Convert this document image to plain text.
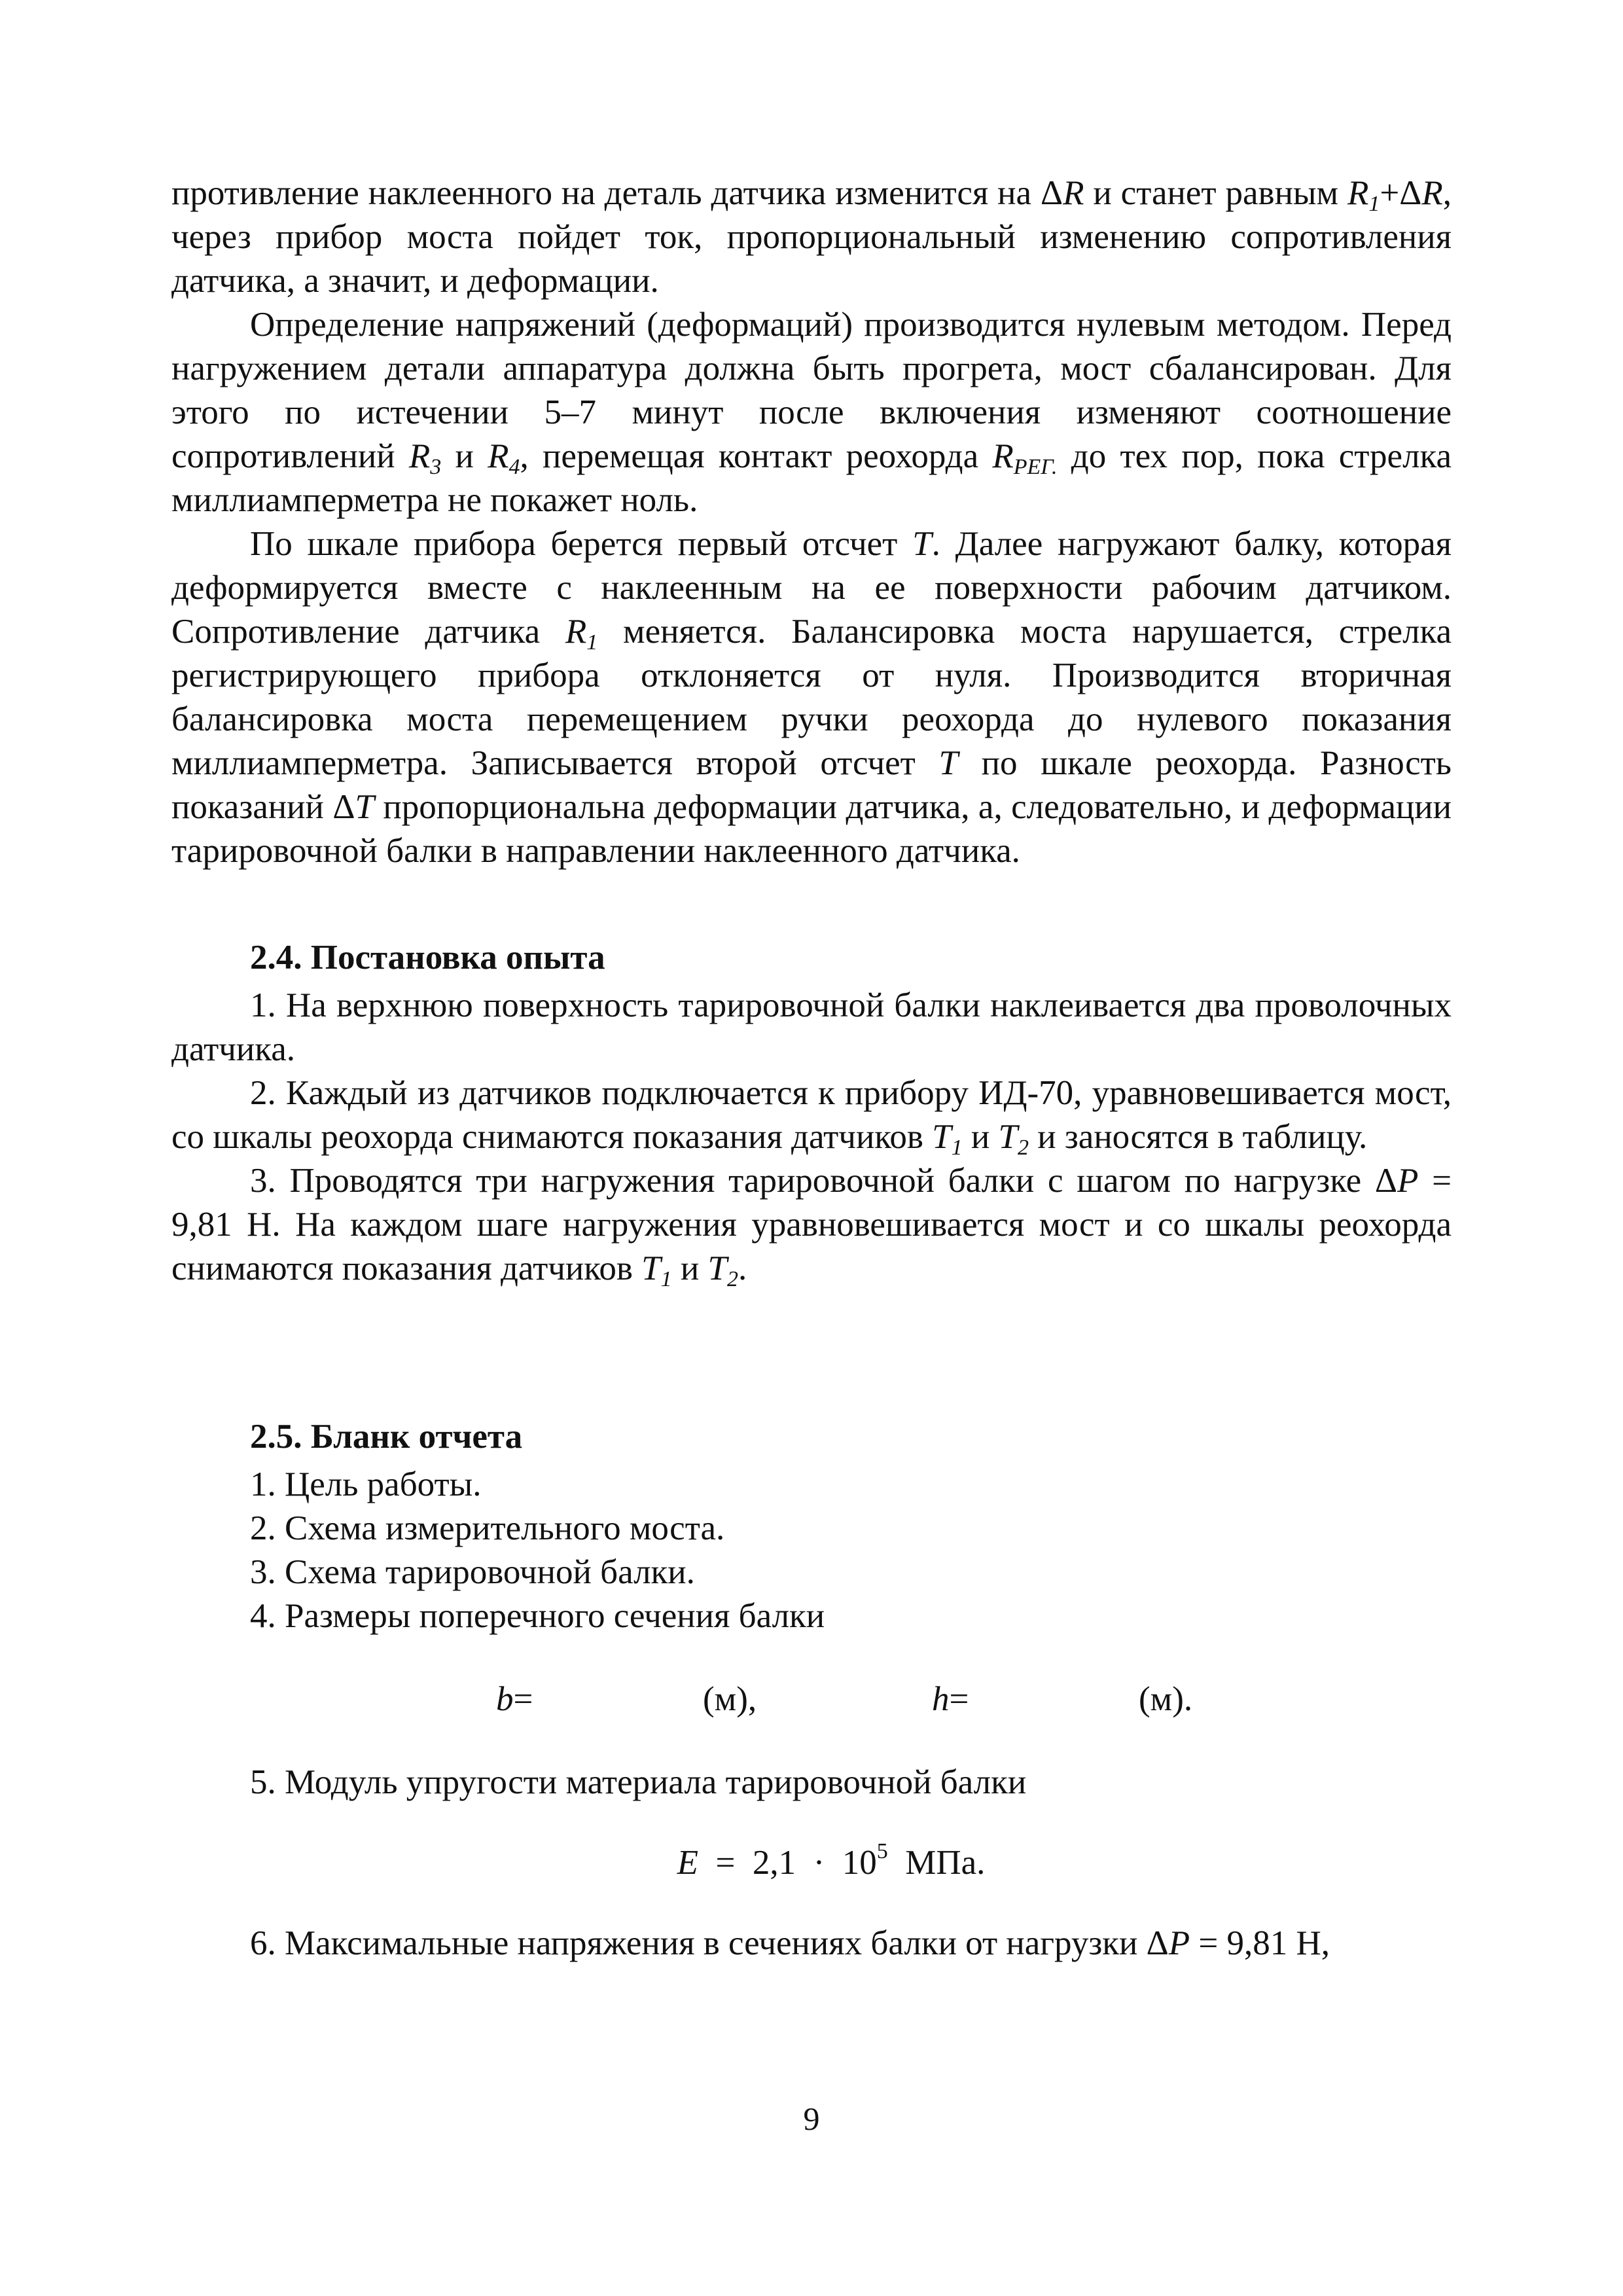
противление наклеенного на деталь датчика изменится на ΔR и станет равным $R_1+\Delta R$, через прибор моста пойдет ток, пропорциональный изменению сопротивления датчика, а значит, и деформации.

Определение напряжений (деформаций) производится нулевым методом. Перед нагружением детали аппаратура должна быть прогрета, мост сбалансирован. Для этого по истечении 5–7 минут после включения изменяют соотношение сопротивлений $R_3$ и $R_4$, перемещая контакт реохорда $R_{РЕГ.}$ до тех пор, пока стрелка миллиамперметра не покажет ноль.

По шкале прибора берется первый отсчет T. Далее нагружают балку, которая деформируется вместе с наклеенным на ее поверхности рабочим датчиком. Сопротивление датчика $R_1$ меняется. Балансировка моста нарушается, стрелка регистрирующего прибора отклоняется от нуля. Производится вторичная балансировка моста перемещением ручки реохорда до нулевого показания миллиамперметра. Записывается второй отсчет T по шкале реохорда. Разность показаний ΔT пропорциональна деформации датчика, а, следовательно, и деформации тарировочной балки в направлении наклеенного датчика.

2.4. Постановка опыта

1. На верхнюю поверхность тарировочной балки наклеивается два проволочных датчика.

2. Каждый из датчиков подключается к прибору ИД-70, уравновешивается мост, со шкалы реохорда снимаются показания датчиков $T_1$ и $T_2$ и заносятся в таблицу.

3. Проводятся три нагружения тарировочной балки с шагом по нагрузке ΔP = 9,81 Н. На каждом шаге нагружения уравновешивается мост и со шкалы реохорда снимаются показания датчиков $T_1$ и $T_2$.

2.5. Бланк отчета

1. Цель работы.

2. Схема измерительного моста.

3. Схема тарировочной балки.

4. Размеры поперечного сечения балки

b =	(м),	h =	(м).

5. Модуль упругости материала тарировочной балки

$E = 2,1 \cdot 10^5$  МПа.

6. Максимальные напряжения в сечениях балки от нагрузки ΔP = 9,81 Н,

9
